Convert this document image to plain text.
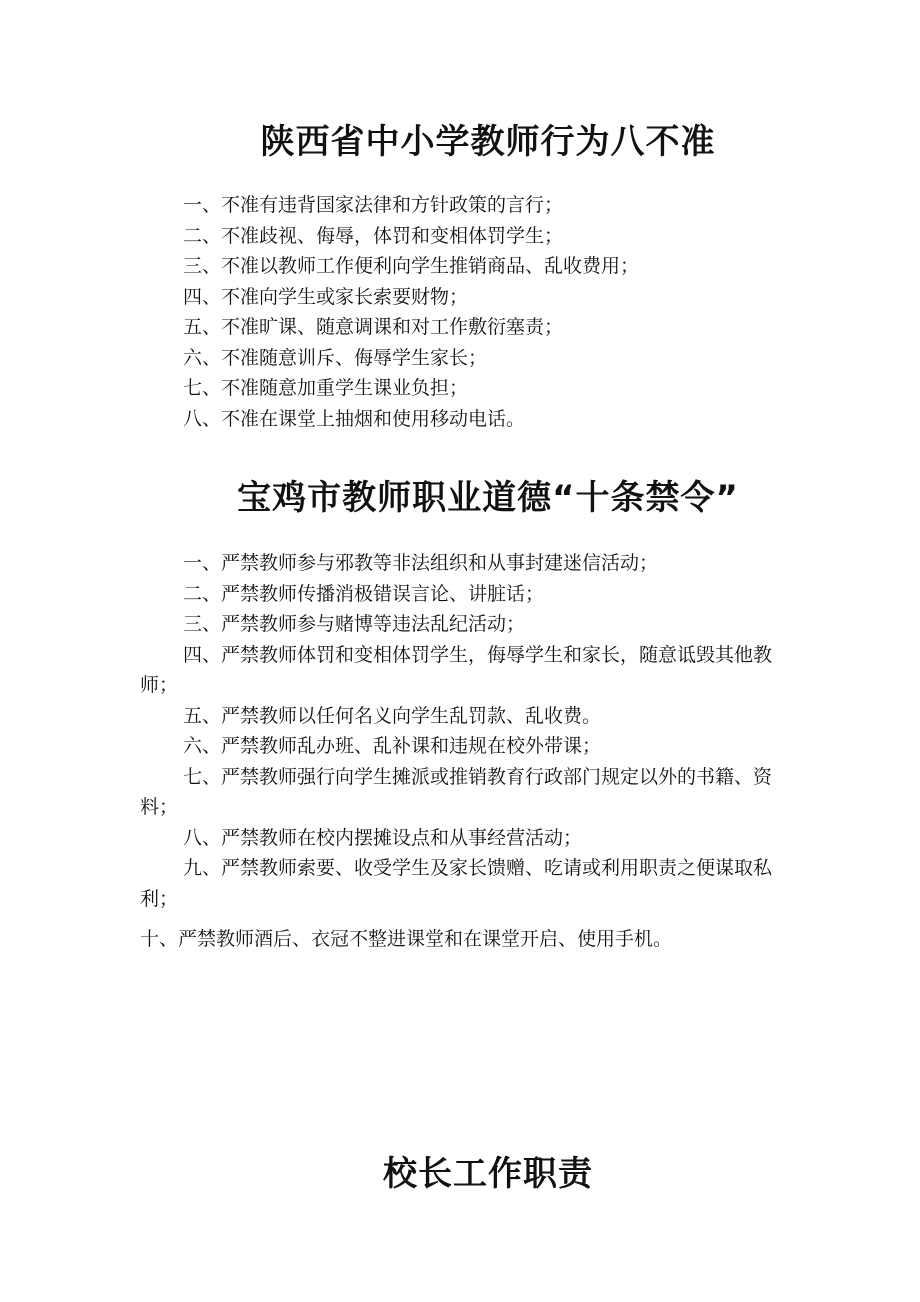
陕西省中小学教师行为八不准
一、不准有违背国家法律和方针政策的言行；
二、不准歧视、侮辱，体罚和变相体罚学生；
三、不准以教师工作便利向学生推销商品、乱收费用；
四、不准向学生或家长索要财物；
五、不准旷课、随意调课和对工作敷衍塞责；
六、不准随意训斥、侮辱学生家长；
七、不准随意加重学生课业负担；
八、不准在课堂上抽烟和使用移动电话。
宝鸡市教师职业道德“十条禁令”
一、严禁教师参与邪教等非法组织和从事封建迷信活动；
二、严禁教师传播消极错误言论、讲脏话；
三、严禁教师参与赌博等违法乱纪活动；
四、严禁教师体罚和变相体罚学生，侮辱学生和家长，随意诋毁其他教师；
五、严禁教师以任何名义向学生乱罚款、乱收费。
六、严禁教师乱办班、乱补课和违规在校外带课；
七、严禁教师强行向学生摊派或推销教育行政部门规定以外的书籍、资料；
八、严禁教师在校内摆摊设点和从事经营活动；
九、严禁教师索要、收受学生及家长馈赠、吃请或利用职责之便谋取私利；
十、严禁教师酒后、衣冠不整进课堂和在课堂开启、使用手机。
校长工作职责
